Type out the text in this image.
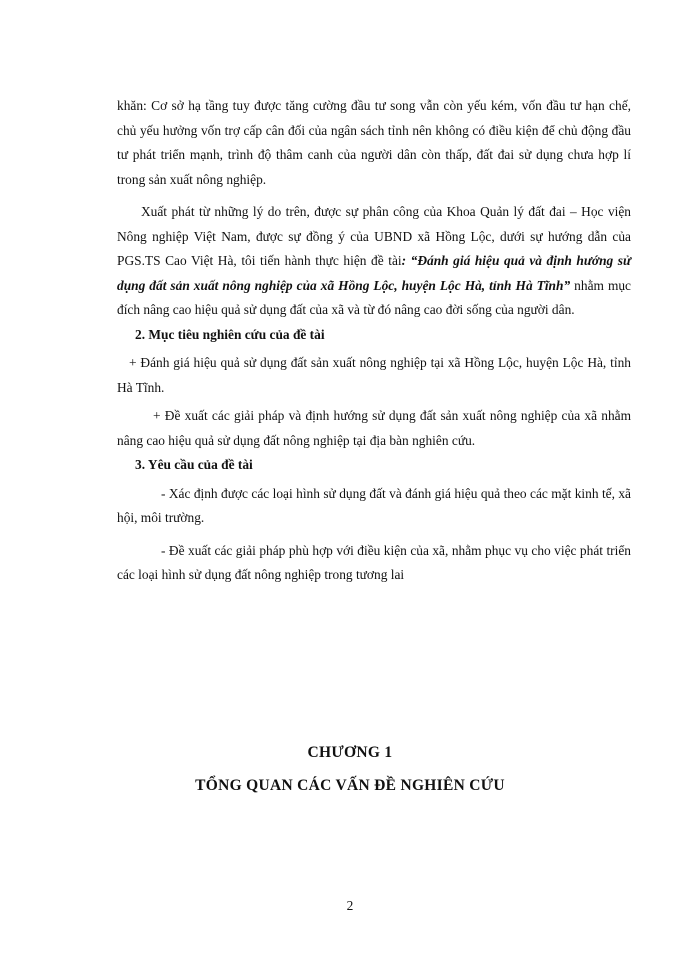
khăn: Cơ sở hạ tầng tuy được tăng cường đầu tư song vẫn còn yếu kém, vốn đầu tư hạn chế, chủ yếu hưởng vốn trợ cấp cân đối của ngân sách tỉnh nên không có điều kiện để chủ động đầu tư phát triển mạnh, trình độ thâm canh của người dân còn thấp, đất đai sử dụng chưa hợp lí trong sản xuất nông nghiệp.

Xuất phát từ những lý do trên, được sự phân công của Khoa Quản lý đất đai – Học viện Nông nghiệp Việt Nam, được sự đồng ý của UBND xã Hồng Lộc, dưới sự hướng dẫn của PGS.TS Cao Việt Hà, tôi tiến hành thực hiện đề tài: “Đánh giá hiệu quả và định hướng sử dụng đất sản xuất nông nghiệp của xã Hồng Lộc, huyện Lộc Hà, tỉnh Hà Tĩnh” nhằm mục đích nâng cao hiệu quả sử dụng đất của xã và từ đó nâng cao đời sống của người dân.

2. Mục tiêu nghiên cứu của đề tài

+ Đánh giá hiệu quả sử dụng đất sản xuất nông nghiệp tại xã Hồng Lộc, huyện Lộc Hà, tỉnh Hà Tĩnh.

+ Đề xuất các giải pháp và định hướng sử dụng đất sản xuất nông nghiệp của xã nhằm nâng cao hiệu quả sử dụng đất nông nghiệp tại địa bàn nghiên cứu.

3. Yêu cầu của đề tài

- Xác định được các loại hình sử dụng đất và đánh giá hiệu quả theo các mặt kinh tế, xã hội, môi trường.

- Đề xuất các giải pháp phù hợp với điều kiện của xã, nhằm phục vụ cho việc phát triển các loại hình sử dụng đất nông nghiệp trong tương lai

CHƯƠNG 1
TỔNG QUAN CÁC VẤN ĐỀ NGHIÊN CỨU
2
